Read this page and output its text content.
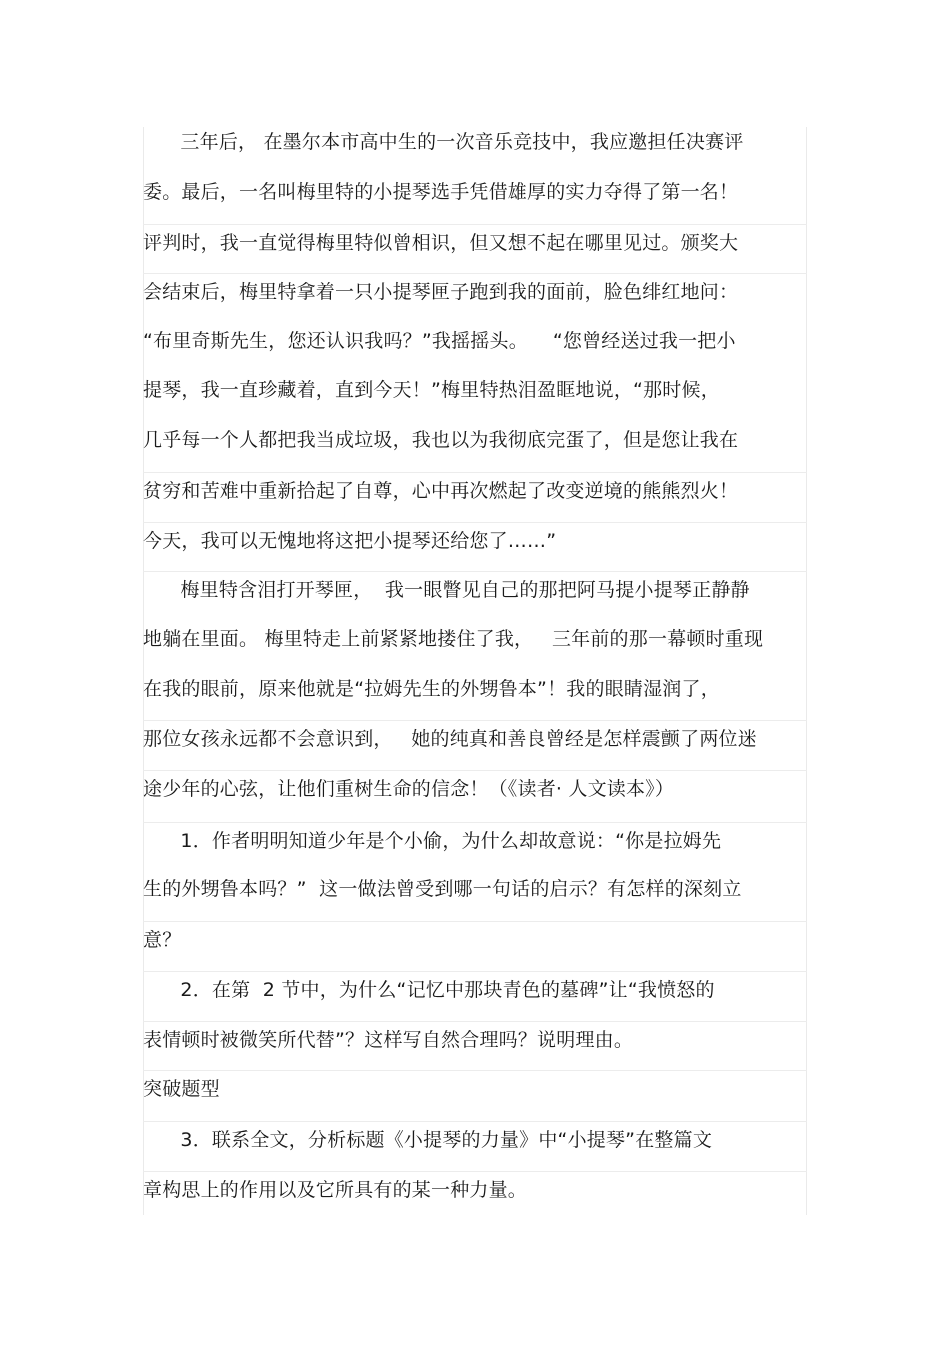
三年后， 在墨尔本市高中生的一次音乐竞技中，我应邀担任决赛评
委。最后，一名叫梅里特的小提琴选手凭借雄厚的实力夺得了第一名！
评判时，我一直觉得梅里特似曾相识，但又想不起在哪里见过。颁奖大
会结束后，梅里特拿着一只小提琴匣子跑到我的面前，脸色绯红地问：
“布里奇斯先生，您还认识我吗？”我摇摇头。    “您曾经送过我一把小
提琴，我一直珍藏着，直到今天！”梅里特热泪盈眶地说，“那时候，
几乎每一个人都把我当成垃圾，我也以为我彻底完蛋了，但是您让我在
贫穷和苦难中重新拾起了自尊，心中再次燃起了改变逆境的熊熊烈火！
今天，我可以无愧地将这把小提琴还给您了……”
梅里特含泪打开琴匣，  我一眼瞥见自己的那把阿马提小提琴正静静
地躺在里面。 梅里特走上前紧紧地搂住了我，   三年前的那一幕顿时重现
在我的眼前，原来他就是“拉姆先生的外甥鲁本”！我的眼睛湿润了，
那位女孩永远都不会意识到，   她的纯真和善良曾经是怎样震颤了两位迷
途少年的心弦，让他们重树生命的信念！（《读者· 人文读本》）
1．作者明明知道少年是个小偷，为什么却故意说：“你是拉姆先
生的外甥鲁本吗？”  这一做法曾受到哪一句话的启示？有怎样的深刻立
意？
2．在第  2 节中，为什么“记忆中那块青色的墓碑”让“我愤怒的
表情顿时被微笑所代替”？这样写自然合理吗？说明理由。
突破题型
3．联系全文，分析标题《小提琴的力量》中“小提琴”在整篇文
章构思上的作用以及它所具有的某一种力量。
